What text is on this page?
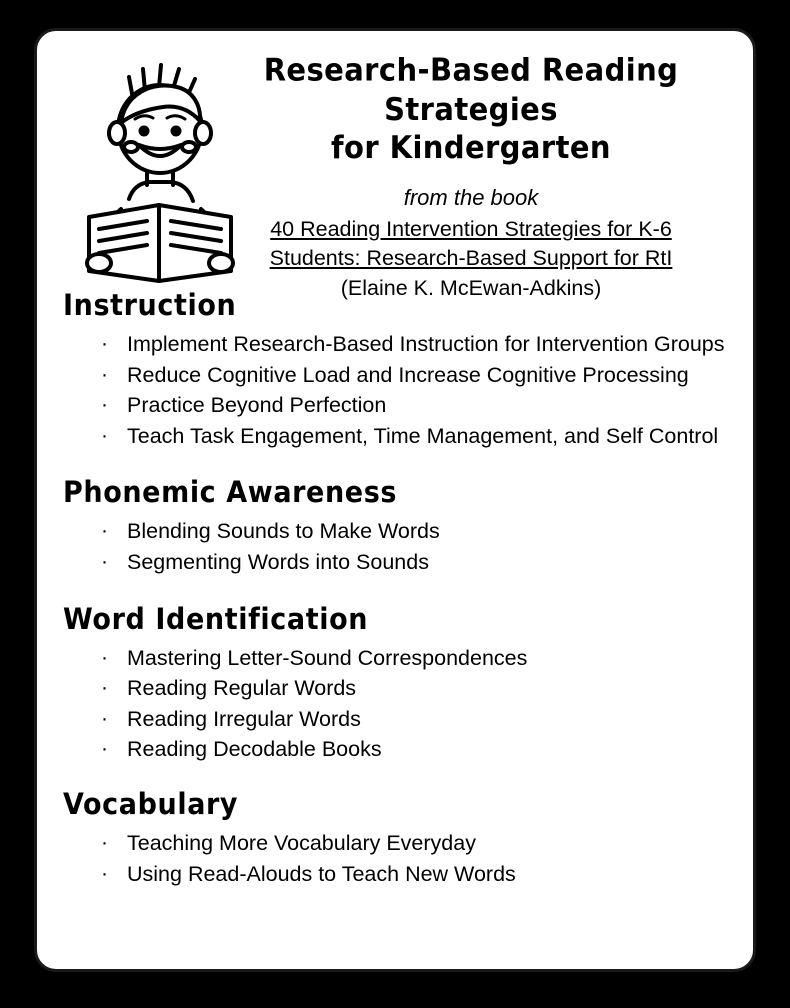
Research-Based Reading Strategies
for Kindergarten
from the book
40 Reading Intervention Strategies for K-6
Students: Research-Based Support for RtI
(Elaine K. McEwan-Adkins)
Instruction
· Implement Research-Based Instruction for Intervention Groups
· Reduce Cognitive Load and Increase Cognitive Processing
· Practice Beyond Perfection
· Teach Task Engagement, Time Management, and Self Control
Phonemic Awareness
· Blending Sounds to Make Words
· Segmenting Words into Sounds
Word Identification
· Mastering Letter-Sound Correspondences
· Reading Regular Words
· Reading Irregular Words
· Reading Decodable Books
Vocabulary
· Teaching More Vocabulary Everyday
· Using Read-Alouds to Teach New Words
